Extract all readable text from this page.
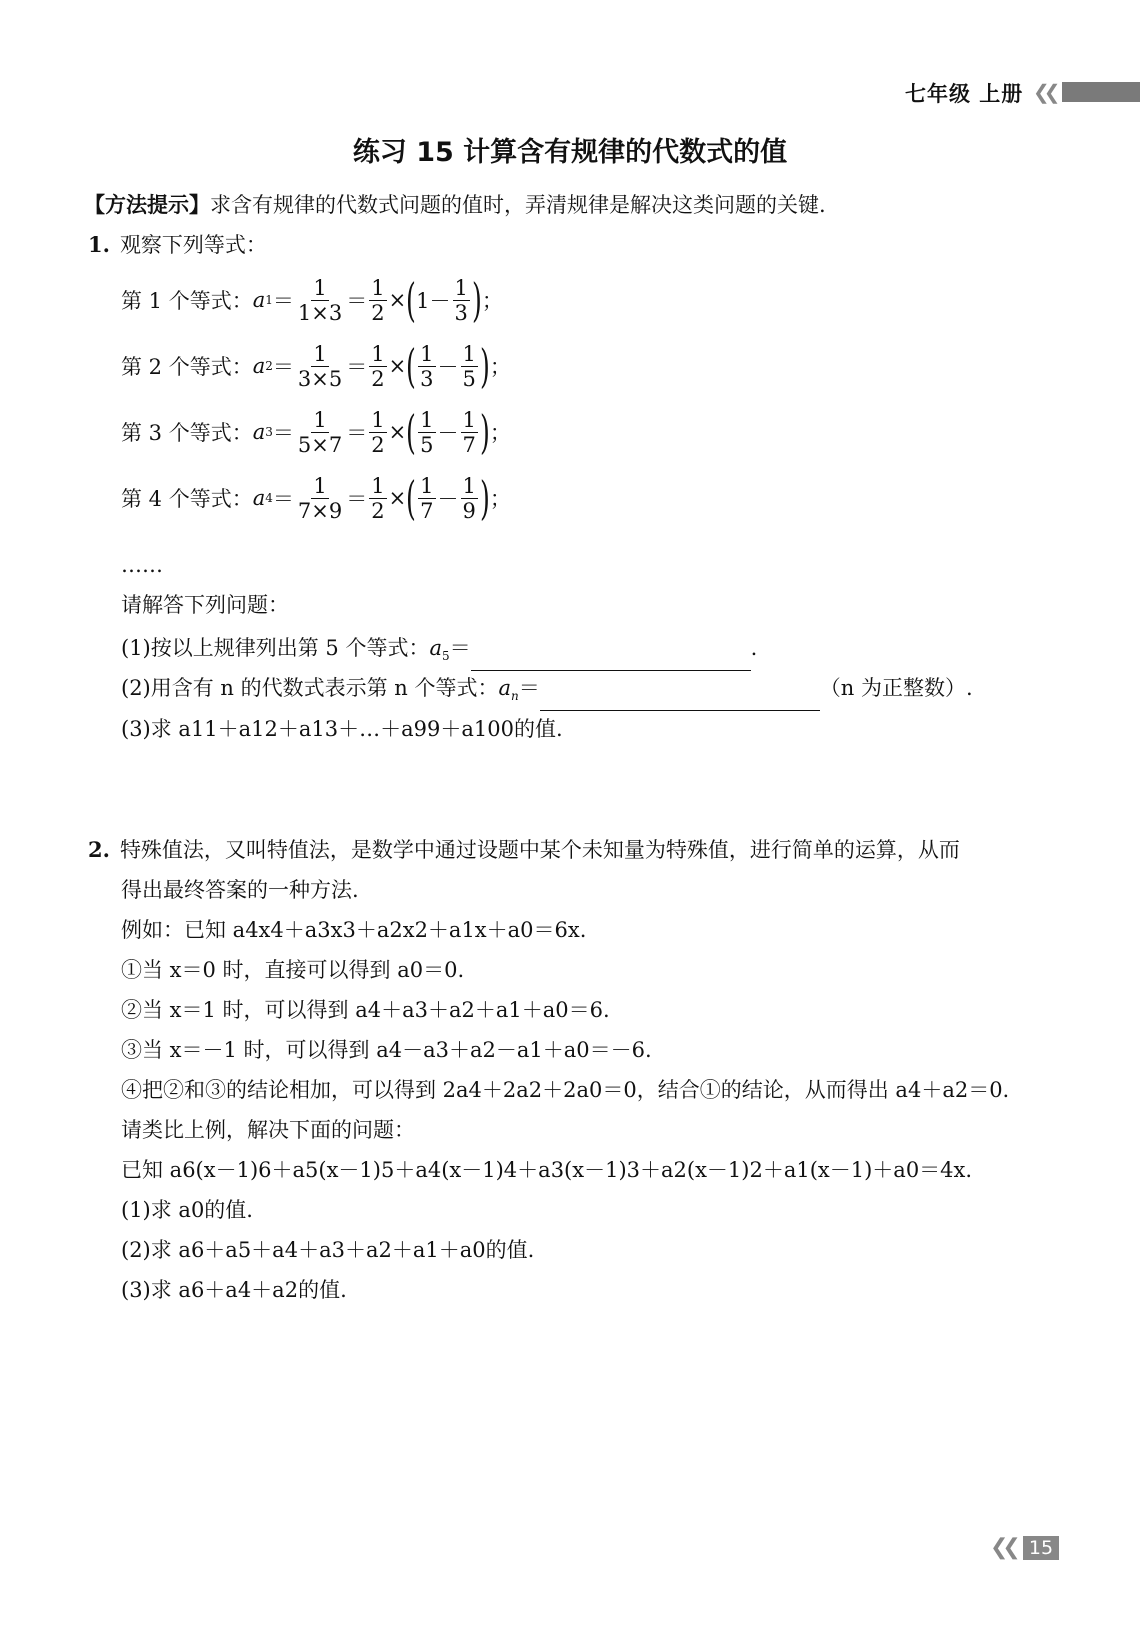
七年级 上册 ❮❮
练习 15 计算含有规律的代数式的值
【方法提示】求含有规律的代数式问题的值时，弄清规律是解决这类问题的关键.
1. 观察下列等式：
第 1 个等式： a $1 = \frac{1}{1\times 3} = \frac{1}{2}$ × ( $1- \frac{1}{3}$ ) ；
第 2 个等式： a $2 = \frac{1}{3\times 5} = \frac{1}{2}$ × ( $\frac{1}{3} - \frac{1}{5}$ ) ；
第 3 个等式： a $3 = \frac{1}{5\times 7} = \frac{1}{2}$ × ( $\frac{1}{5} - \frac{1}{7}$ ) ；
第 4 个等式： a $4 = \frac{1}{7\times 9} = \frac{1}{2}$ × ( $\frac{1}{7} - \frac{1}{9}$ ) ；
……
请解答下列问题：
(1)按以上规律列出第 5 个等式：$a_5=$	.
(2)用含有 n 的代数式表示第 n 个等式：$a_n=$	（n 为正整数）.
(3)求 a11＋a12＋a13＋…＋a99＋a100的值.
2. 特殊值法，又叫特值法，是数学中通过设题中某个未知量为特殊值，进行简单的运算，从而
得出最终答案的一种方法.
例如：已知 a4x4＋a3x3＋a2x2＋a1x＋a0＝6x.
①当 x＝0 时，直接可以得到 a0＝0.
②当 x＝1 时，可以得到 a4＋a3＋a2＋a1＋a0＝6.
③当 x＝－1 时，可以得到 a4－a3＋a2－a1＋a0＝－6.
④把②和③的结论相加，可以得到 2a4＋2a2＋2a0＝0，结合①的结论，从而得出 a4＋a2＝0.
请类比上例，解决下面的问题：
已知 a6(x－1)6＋a5(x－1)5＋a4(x－1)4＋a3(x－1)3＋a2(x－1)2＋a1(x－1)＋a0＝4x.
(1)求 a0的值.
(2)求 a6＋a5＋a4＋a3＋a2＋a1＋a0的值.
(3)求 a6＋a4＋a2的值.
❮❮ 15
